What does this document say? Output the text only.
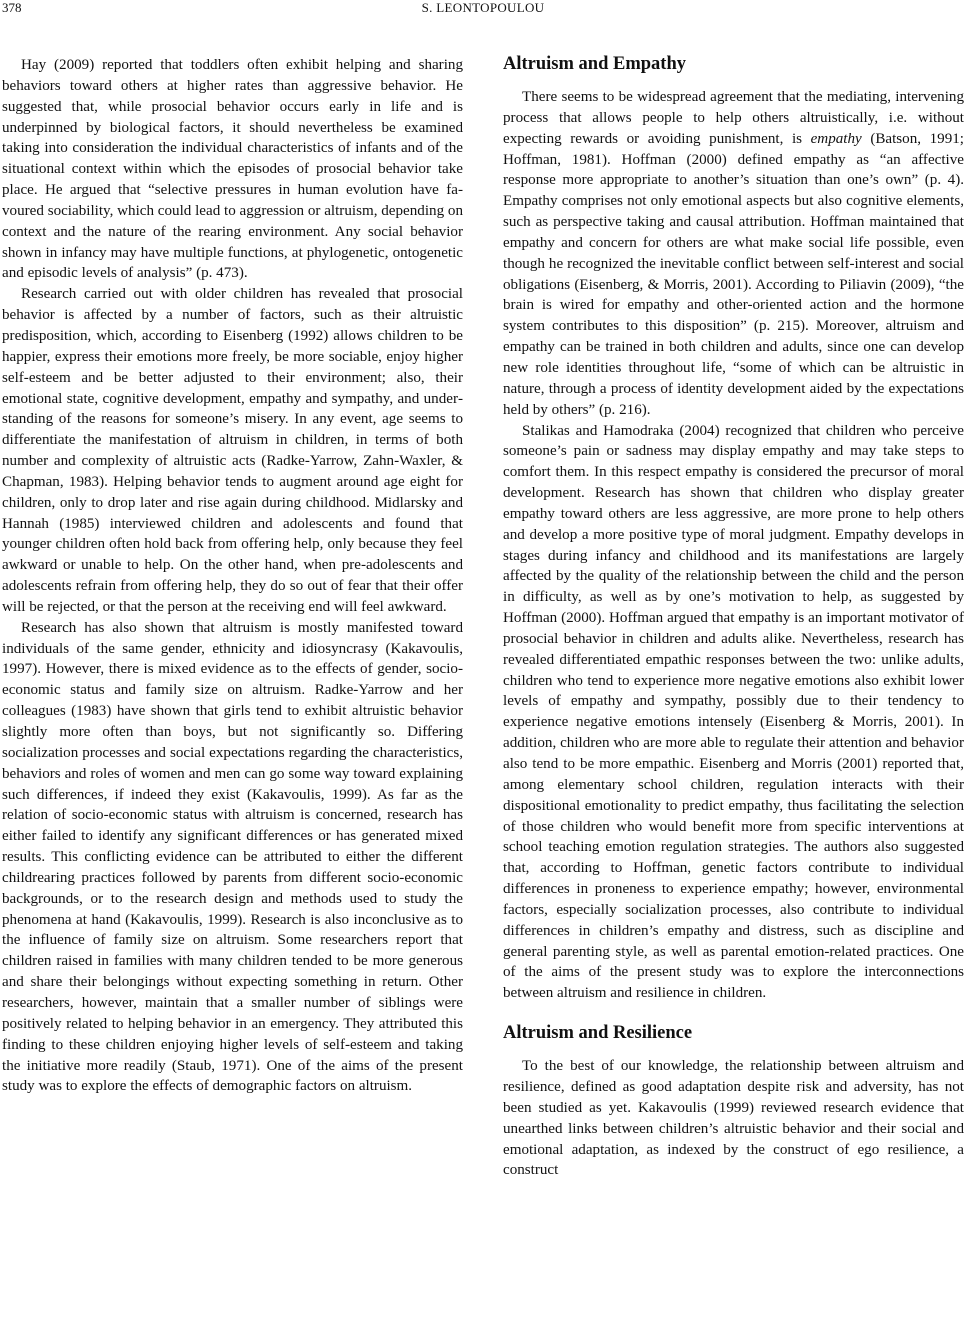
378	S. LEONTOPOULOU

Hay (2009) reported that toddlers often exhibit helping and sharing behaviors toward others at higher rates than aggressive behavior. He suggested that, while prosocial behavior occurs early in life and is underpinned by biological factors, it should nevertheless be examined taking into consideration the individual characteristics of infants and of the situational context within which the episodes of prosocial behavior take place. He argued that “selective pressures in human evolution have favoured sociability, which could lead to aggression or altruism, depending on context and the nature of the rearing environment. Any social behavior shown in infancy may have multiple functions, at phylogenetic, ontogenetic and episodic levels of analysis” (p. 473).

Research carried out with older children has revealed that prosocial behavior is affected by a number of factors, such as their altruistic predisposition, which, according to Eisenberg (1992) allows children to be happier, express their emotions more freely, be more sociable, enjoy higher self-esteem and be better adjusted to their environment; also, their emotional state, cognitive development, empathy and sympathy, and understanding of the reasons for someone’s misery. In any event, age seems to differentiate the manifestation of altruism in children, in terms of both number and complexity of altruistic acts (Radke-Yarrow, Zahn-Waxler, & Chapman, 1983). Helping behavior tends to augment around age eight for children, only to drop later and rise again during childhood. Midlarsky and Hannah (1985) interviewed children and adolescents and found that younger children often hold back from offering help, only because they feel awkward or unable to help. On the other hand, when pre-adolescents and adolescents refrain from offering help, they do so out of fear that their offer will be rejected, or that the person at the receiving end will feel awkward.

Research has also shown that altruism is mostly manifested toward individuals of the same gender, ethnicity and idiosyncrasy (Kakavoulis, 1997). However, there is mixed evidence as to the effects of gender, socio-economic status and family size on altruism. Radke-Yarrow and her colleagues (1983) have shown that girls tend to exhibit altruistic behavior slightly more often than boys, but not significantly so. Differing socialization processes and social expectations regarding the characteristics, behaviors and roles of women and men can go some way toward explaining such differences, if indeed they exist (Kakavoulis, 1999). As far as the relation of socio-economic status with altruism is concerned, research has either failed to identify any significant differences or has generated mixed results. This conflicting evidence can be attributed to either the different childrearing practices followed by parents from different socio-economic backgrounds, or to the research design and methods used to study the phenomena at hand (Kakavoulis, 1999). Research is also inconclusive as to the influence of family size on altruism. Some researchers report that children raised in families with many children tended to be more generous and share their belongings without expecting something in return. Other researchers, however, maintain that a smaller number of siblings were positively related to helping behavior in an emergency. They attributed this finding to these children enjoying higher levels of self-esteem and taking the initiative more readily (Staub, 1971). One of the aims of the present study was to explore the effects of demographic factors on altruism.

Altruism and Empathy

There seems to be widespread agreement that the mediating, intervening process that allows people to help others altruistically, i.e. without expecting rewards or avoiding punishment, is empathy (Batson, 1991; Hoffman, 1981). Hoffman (2000) defined empathy as “an affective response more appropriate to another’s situation than one’s own” (p. 4). Empathy comprises not only emotional aspects but also cognitive elements, such as perspective taking and causal attribution. Hoffman maintained that empathy and concern for others are what make social life possible, even though he recognized the inevitable conflict between self-interest and social obligations (Eisenberg, & Morris, 2001). According to Piliavin (2009), “the brain is wired for empathy and other-oriented action and the hormone system contributes to this disposition” (p. 215). Moreover, altruism and empathy can be trained in both children and adults, since one can develop new role identities throughout life, “some of which can be altruistic in nature, through a process of identity development aided by the expectations held by others” (p. 216).

Stalikas and Hamodraka (2004) recognized that children who perceive someone’s pain or sadness may display empathy and may take steps to comfort them. In this respect empathy is considered the precursor of moral development. Research has shown that children who display greater empathy toward others are less aggressive, are more prone to help others and develop a more positive type of moral judgment. Empathy develops in stages during infancy and childhood and its manifestations are largely affected by the quality of the relationship between the child and the person in difficulty, as well as by one’s motivation to help, as suggested by Hoffman (2000). Hoffman argued that empathy is an important motivator of prosocial behavior in children and adults alike. Nevertheless, research has revealed differentiated empathic responses between the two: unlike adults, children who tend to experience more negative emotions also exhibit lower levels of empathy and sympathy, possibly due to their tendency to experience negative emotions intensely (Eisenberg & Morris, 2001). In addition, children who are more able to regulate their attention and behavior also tend to be more empathic. Eisenberg and Morris (2001) reported that, among elementary school children, regulation interacts with their dispositional emotionality to predict empathy, thus facilitating the selection of those children who would benefit more from specific interventions at school teaching emotion regulation strategies. The authors also suggested that, according to Hoffman, genetic factors contribute to individual differences in proneness to experience empathy; however, environmental factors, especially socialization processes, also contribute to individual differences in children’s empathy and distress, such as discipline and general parenting style, as well as parental emotion-related practices. One of the aims of the present study was to explore the interconnections between altruism and resilience in children.

Altruism and Resilience

To the best of our knowledge, the relationship between altruism and resilience, defined as good adaptation despite risk and adversity, has not been studied as yet. Kakavoulis (1999) reviewed research evidence that unearthed links between children’s altruistic behavior and their social and emotional adaptation, as indexed by the construct of ego resilience, a construct
